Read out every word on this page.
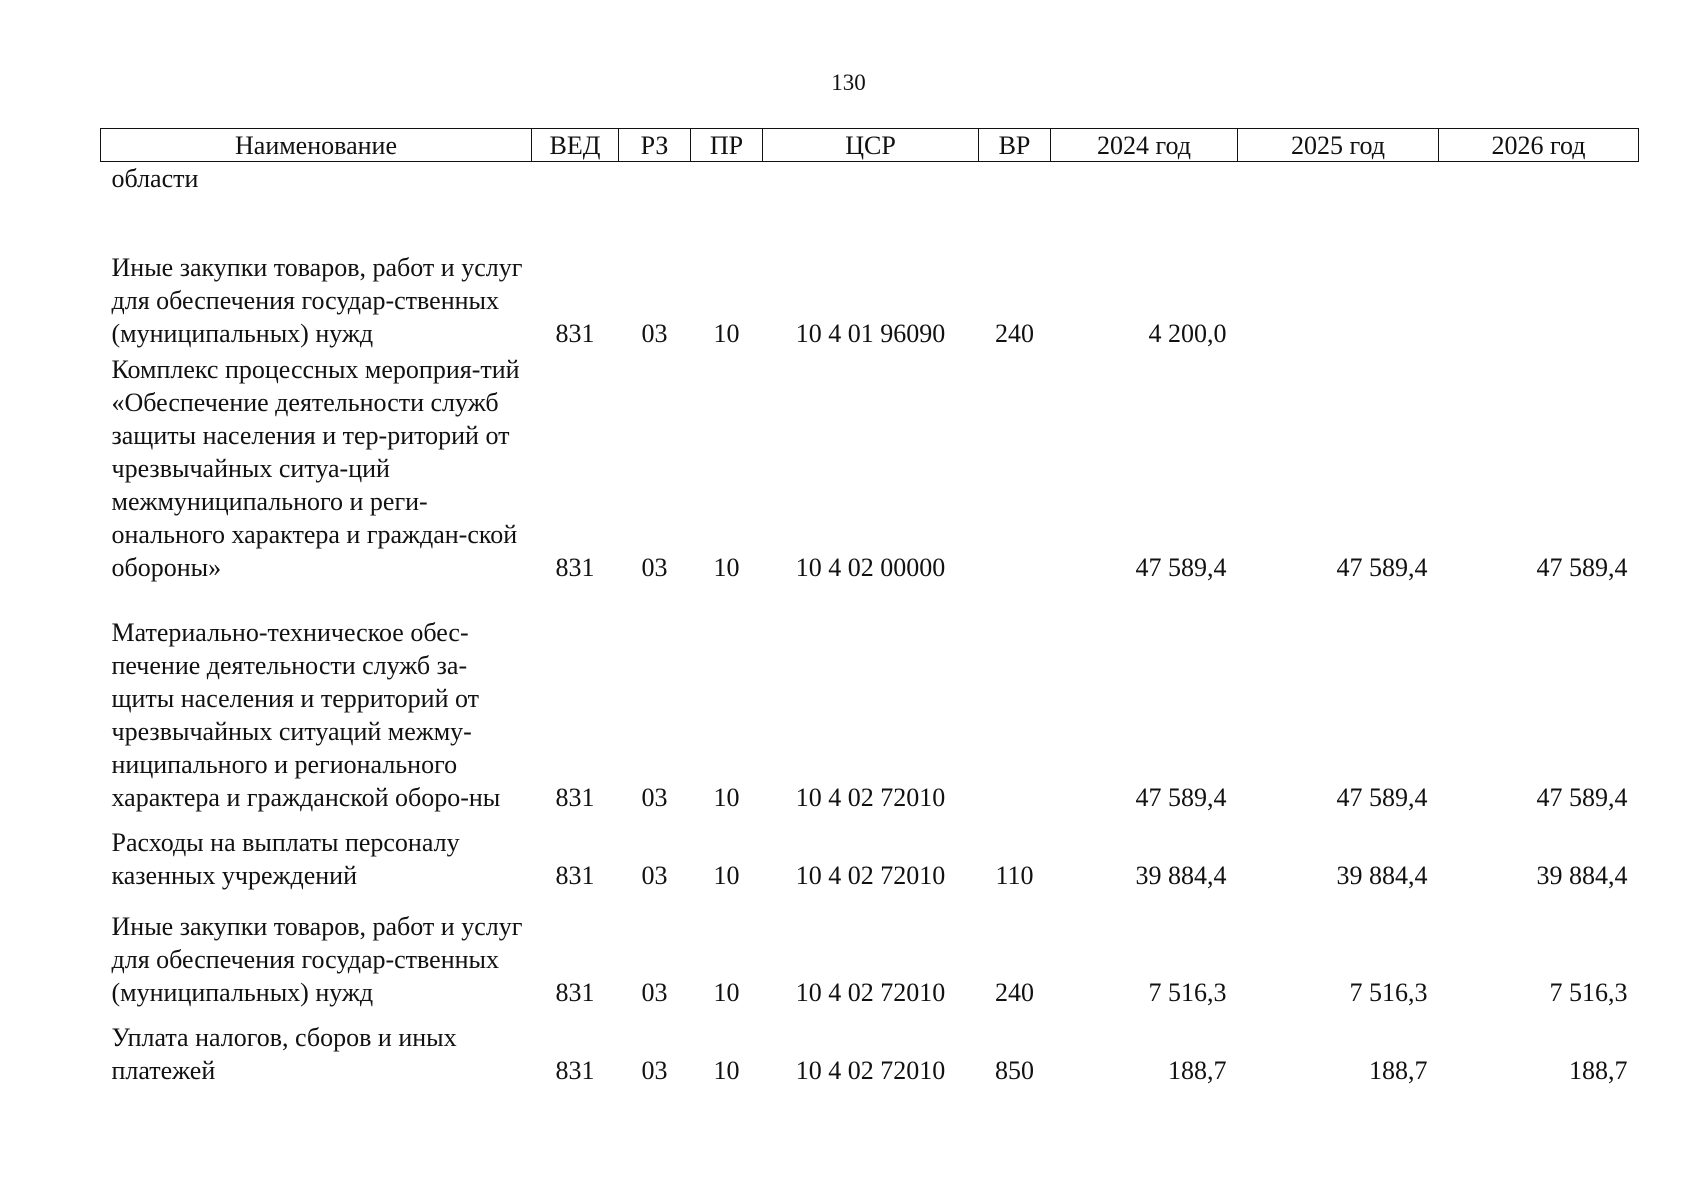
130
Наименование	ВЕД	РЗ	ПР	ЦСР	ВР	2024 год	2025 год	2026 год
области								
Иные закупки товаров, работ и услуг для обеспечения государ-ственных (муниципальных) нужд	831	03	10	10 4 01 96090	240	4 200,0		
Комплекс процессных мероприя-тий «Обеспечение деятельности служб защиты населения и тер-риторий от чрезвычайных ситуа-ций межмуниципального и реги-онального характера и граждан-ской обороны»	831	03	10	10 4 02 00000		47 589,4	47 589,4	47 589,4
Материально-техническое обес-печение деятельности служб за-щиты населения и территорий от чрезвычайных ситуаций межму-ниципального и регионального характера и гражданской оборо-ны	831	03	10	10 4 02 72010		47 589,4	47 589,4	47 589,4
Расходы на выплаты персоналу казенных учреждений	831	03	10	10 4 02 72010	110	39 884,4	39 884,4	39 884,4
Иные закупки товаров, работ и услуг для обеспечения государ-ственных (муниципальных) нужд	831	03	10	10 4 02 72010	240	7 516,3	7 516,3	7 516,3
Уплата налогов, сборов и иных платежей	831	03	10	10 4 02 72010	850	188,7	188,7	188,7
